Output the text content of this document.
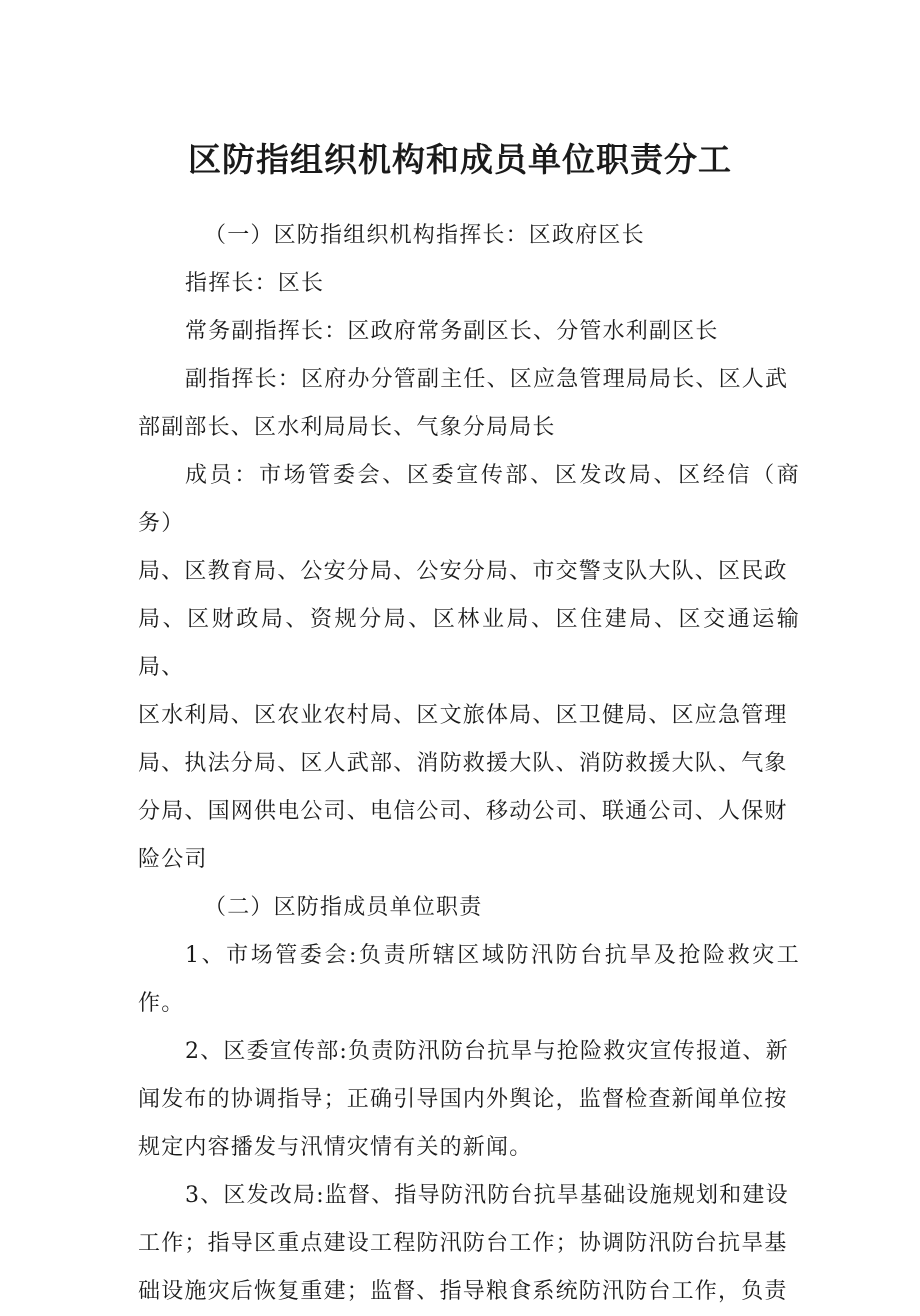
区防指组织机构和成员单位职责分工

（一）区防指组织机构指挥长：区政府区长

指挥长：区长

常务副指挥长：区政府常务副区长、分管水利副区长

副指挥长：区府办分管副主任、区应急管理局局长、区人武

部副部长、区水利局局长、气象分局局长

成员：市场管委会、区委宣传部、区发改局、区经信（商务）

局、区教育局、公安分局、公安分局、市交警支队大队、区民政

局、区财政局、资规分局、区林业局、区住建局、区交通运输局、

区水利局、区农业农村局、区文旅体局、区卫健局、区应急管理

局、执法分局、区人武部、消防救援大队、消防救援大队、气象

分局、国网供电公司、电信公司、移动公司、联通公司、人保财

险公司

（二）区防指成员单位职责

1、市场管委会:负责所辖区域防汛防台抗旱及抢险救灾工作。

2、区委宣传部:负责防汛防台抗旱与抢险救灾宣传报道、新

闻发布的协调指导；正确引导国内外舆论，监督检查新闻单位按

规定内容播发与汛情灾情有关的新闻。

3、区发改局:监督、指导防汛防台抗旱基础设施规划和建设

工作；指导区重点建设工程防汛防台工作；协调防汛防台抗旱基

础设施灾后恢复重建；监督、指导粮食系统防汛防台工作，负责
